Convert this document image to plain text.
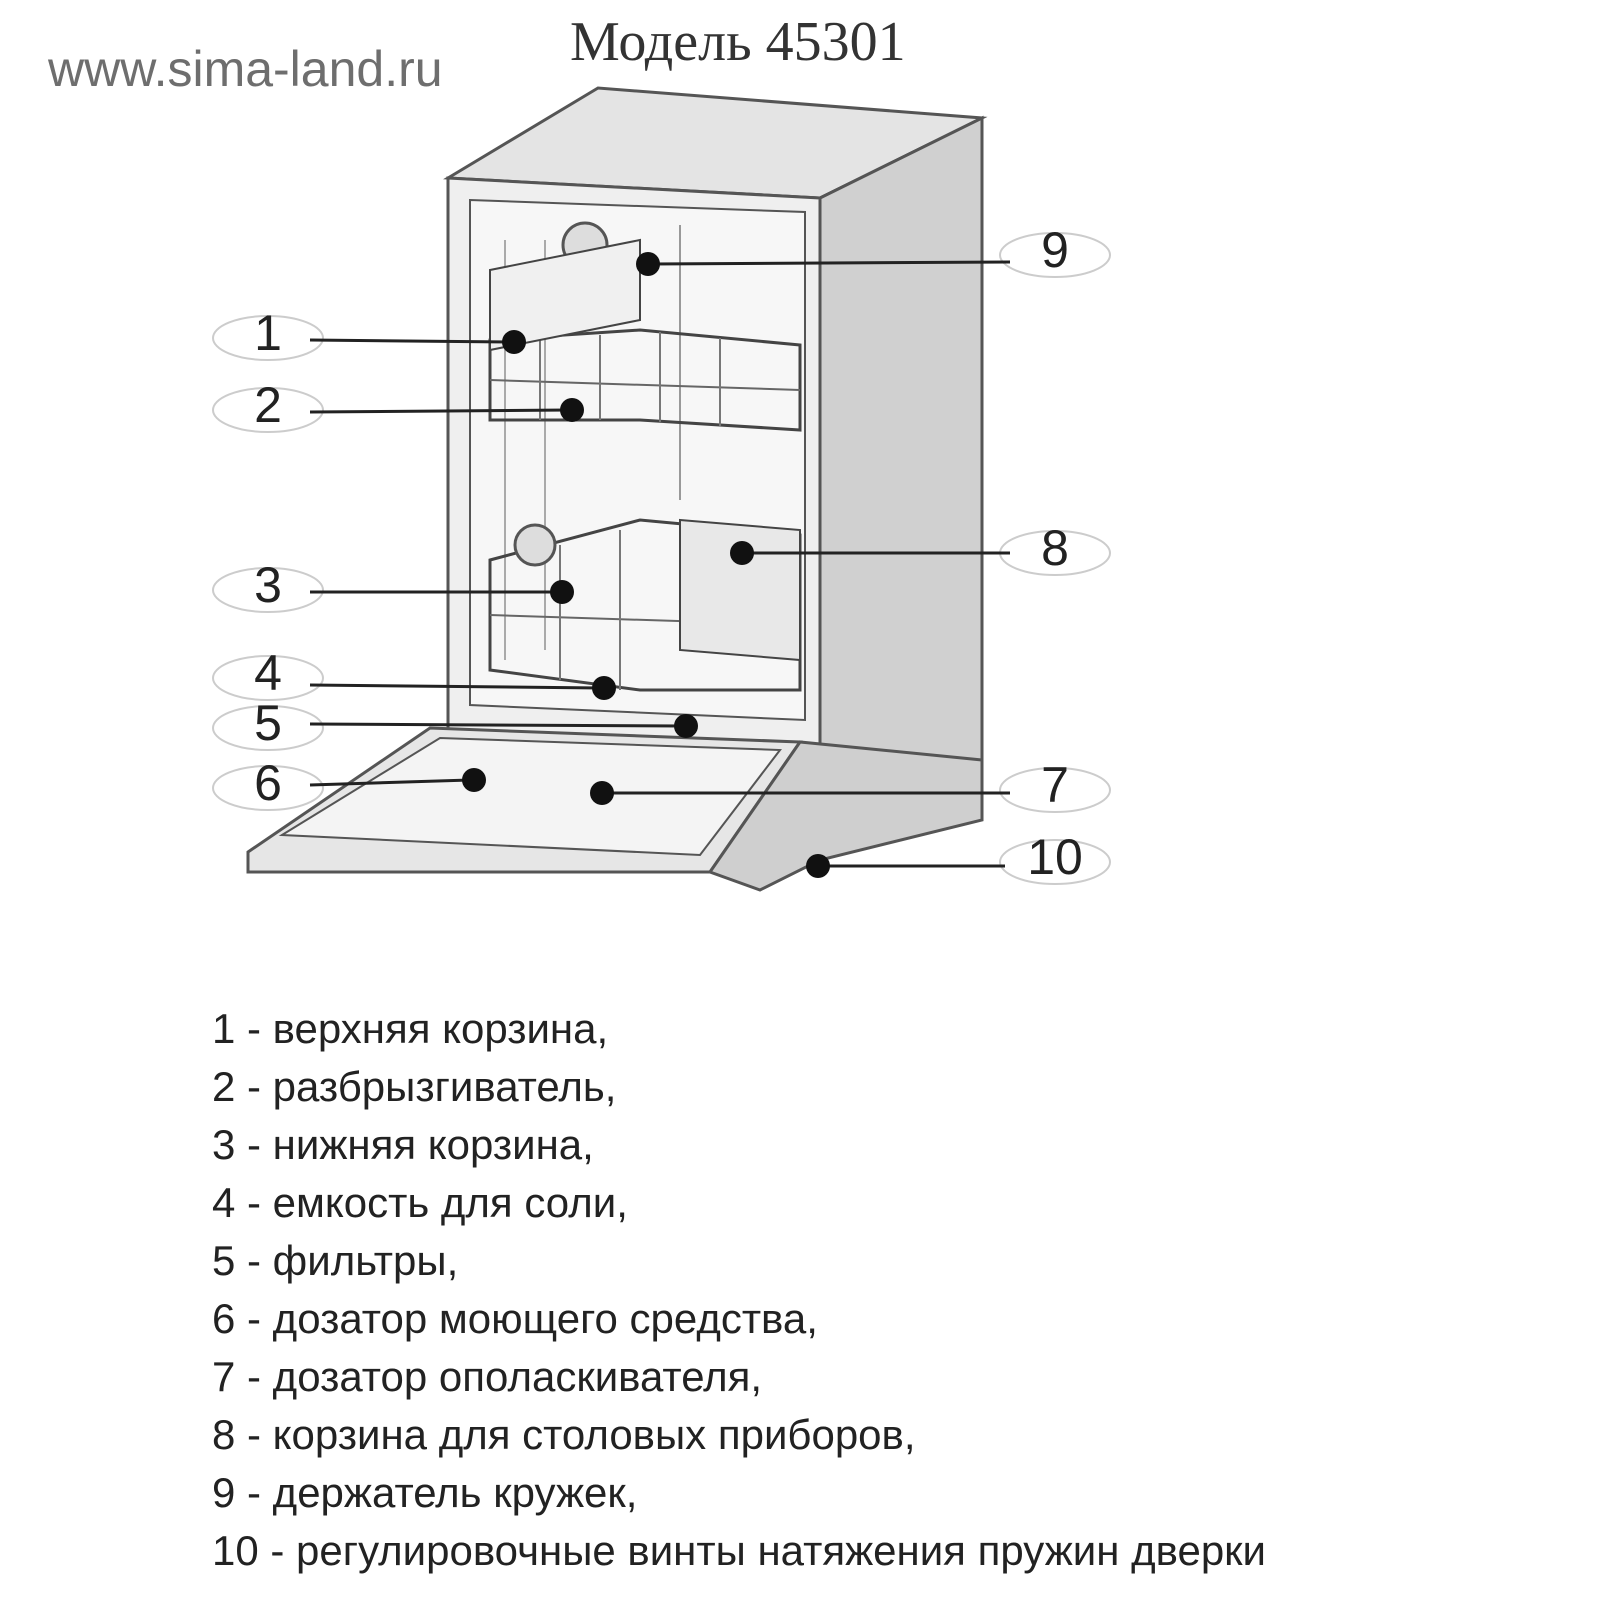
Модель 45301
www.sima-land.ru
1
2
3
4
5
6	7
8
9
10
1 - верхняя корзина,
2 - разбрызгиватель,
3 - нижняя корзина,
4 - емкость для соли,
5 - фильтры,
6 - дозатор моющего средства,
7 - дозатор ополаскивателя,
8 - корзина для столовых приборов,
9 - держатель кружек,
10 - регулировочные винты натяжения пружин дверки
